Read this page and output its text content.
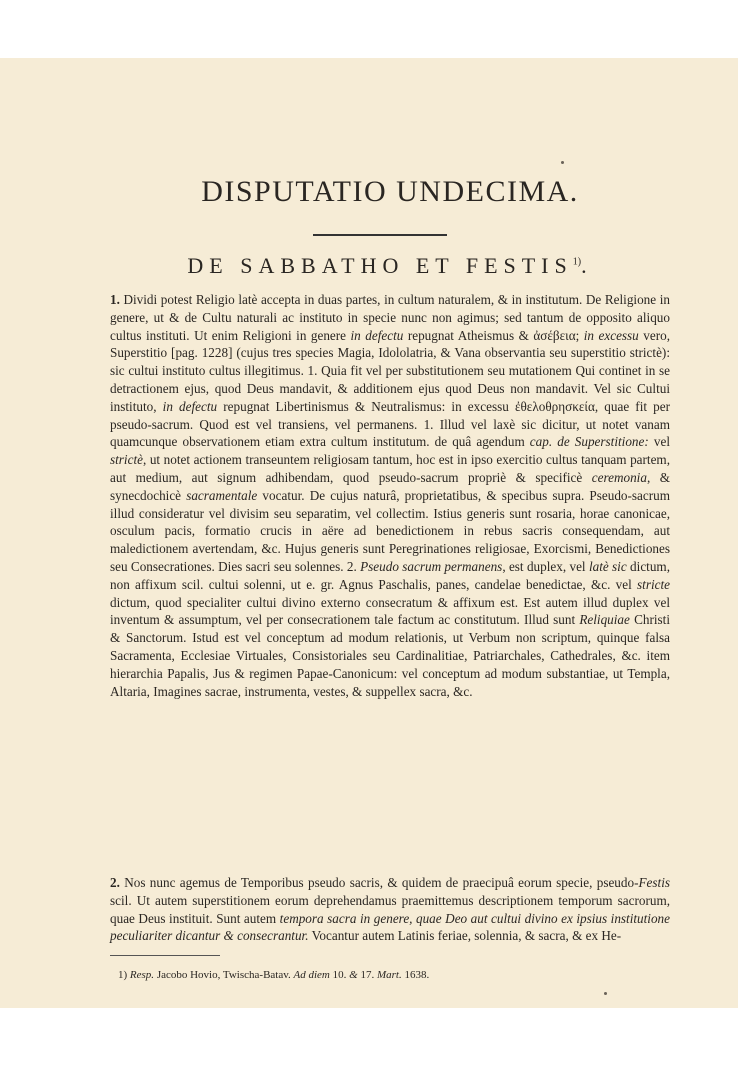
DISPUTATIO UNDECIMA.
DE SABBATHO ET FESTIS$^{1)}$.
1. Dividi potest Religio latè accepta in duas partes, in cultum naturalem, & in institutum. De Religione in genere, ut & de Cultu naturali ac instituto in specie nunc non agimus; sed tantum de opposito aliquo cultus instituti. Ut enim Religioni in genere in defectu repugnat Atheismus & ἀσέβεια; in excessu vero, Superstitio [pag. 1228] (cujus tres species Magia, Idololatria, & Vana observantia seu superstitio strictè): sic cultui instituto cultus illegitimus. 1. Quia fit vel per substitutionem seu mutationem Qui continet in se detractionem ejus, quod Deus mandavit, & additionem ejus quod Deus non mandavit. Vel sic Cultui instituto, in defectu repugnat Libertinismus & Neutralismus: in excessu ἐθελοθρησκεία, quae fit per pseudo-sacrum. Quod est vel transiens, vel permanens. 1. Illud vel laxè sic dicitur, ut notet vanam quamcunque observationem etiam extra cultum institutum. de quâ agendum cap. de Superstitione: vel strictè, ut notet actionem transeuntem religiosam tantum, hoc est in ipso exercitio cultus tanquam partem, aut medium, aut signum adhibendam, quod pseudo-sacrum propriè & specificè ceremonia, & synecdochicè sacramentale vocatur. De cujus naturâ, proprietatibus, & specibus supra. Pseudo-sacrum illud consideratur vel divisim seu separatim, vel collectim. Istius generis sunt rosaria, horae canonicae, osculum pacis, formatio crucis in aëre ad benedictionem in rebus sacris consequendam, aut maledictionem avertendam, &c. Hujus generis sunt Peregrinationes religiosae, Exorcismi, Benedictiones seu Consecrationes. Dies sacri seu solennes. 2. Pseudo sacrum permanens, est duplex, vel latè sic dictum, non affixum scil. cultui solenni, ut e. gr. Agnus Paschalis, panes, candelae benedictae, &c. vel stricte dictum, quod specialiter cultui divino externo consecratum & affixum est. Est autem illud duplex vel inventum & assumptum, vel per consecrationem tale factum ac constitutum. Illud sunt Reliquiae Christi & Sanctorum. Istud est vel conceptum ad modum relationis, ut Verbum non scriptum, quinque falsa Sacramenta, Ecclesiae Virtuales, Consistoriales seu Cardinalitiae, Patriarchales, Cathedrales, &c. item hierarchia Papalis, Jus & regimen Papae-Canonicum: vel conceptum ad modum substantiae, ut Templa, Altaria, Imagines sacrae, instrumenta, vestes, & suppellex sacra, &c.
2. Nos nunc agemus de Temporibus pseudo sacris, & quidem de praecipuâ eorum specie, pseudo-Festis scil. Ut autem superstitionem eorum deprehendamus praemittemus descriptionem temporum sacrorum, quae Deus instituit. Sunt autem tempora sacra in genere, quae Deo aut cultui divino ex ipsius institutione peculiariter dicantur & consecrantur. Vocantur autem Latinis feriae, solennia, & sacra, & ex He-
1) Resp. Jacobo Hovio, Twischa-Batav. Ad diem 10. & 17. Mart. 1638.
